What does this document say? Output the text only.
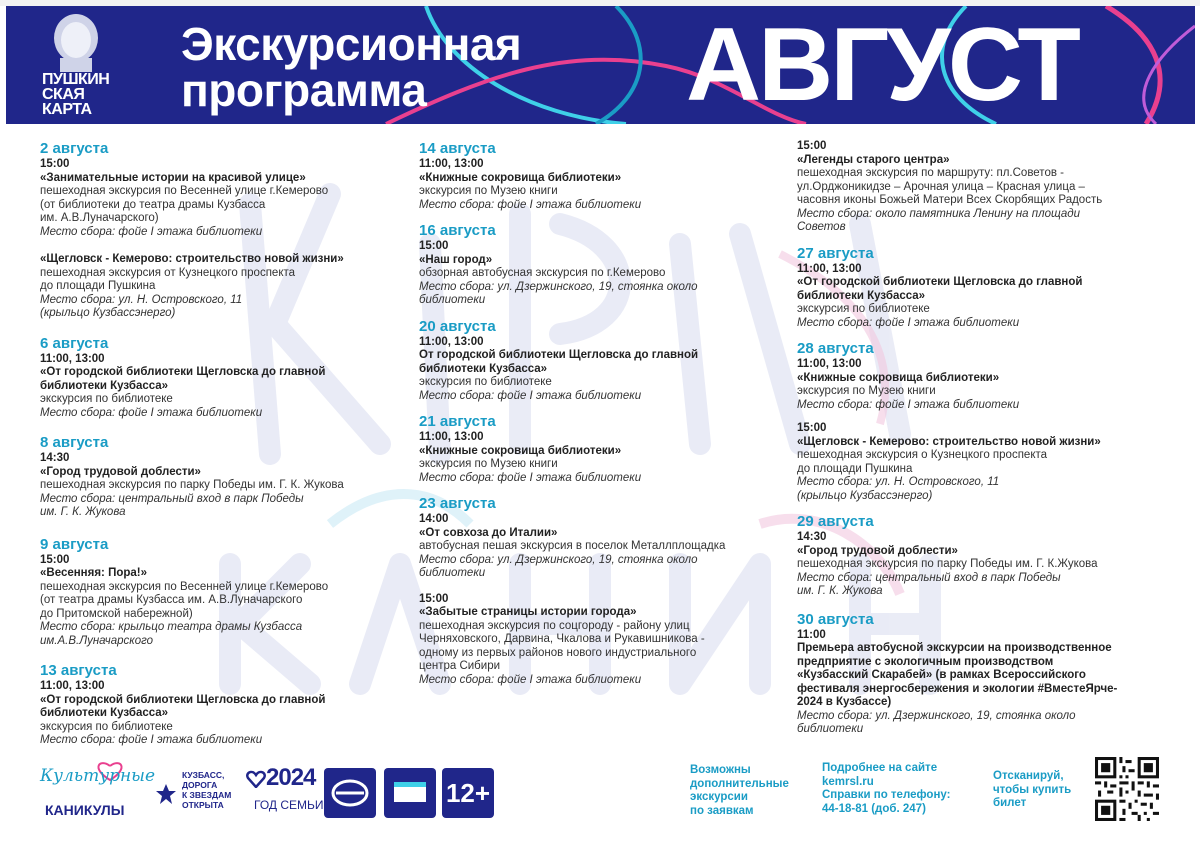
ПУШКИН
СКАЯ
КАРТА
Экскурсионная
программа АВГУСТ
2 августа
15:00
«Занимательные истории на красивой улице»
пешеходная экскурсия по Весенней улице г.Кемерово
(от библиотеки до театра драмы Кузбасса
им. А.В.Луначарского)
Место сбора: фойе I этажа библиотеки
«Щегловск - Кемерово: строительство новой жизни»
пешеходная экскурсия от Кузнецкого проспекта
до площади Пушкина
Место сбора: ул. Н. Островского, 11
(крыльцо Кузбассэнерго)
6 августа
11:00, 13:00
«От городской библиотеки Щегловска до главной
библиотеки Кузбасса»
экскурсия по библиотеке
Место сбора: фойе I этажа библиотеки
8 августа
14:30
«Город трудовой доблести»
пешеходная экскурсия по парку Победы им. Г. К. Жукова
Место сбора: центральный вход в парк Победы
им. Г. К. Жукова
9 августа
15:00
«Весенняя: Пора!»
пешеходная экскурсия по Весенней улице г.Кемерово
(от театра драмы Кузбасса им. А.В.Луначарского
до Притомской набережной)
Место сбора: крыльцо театра драмы Кузбасса
им.А.В.Луначарского
13 августа
11:00, 13:00
«От городской библиотеки Щегловска до главной
библиотеки Кузбасса»
экскурсия по библиотеке
Место сбора: фойе I этажа библиотеки
14 августа
11:00, 13:00
«Книжные сокровища библиотеки»
экскурсия по Музею книги
Место сбора: фойе I этажа библиотеки
16 августа
15:00
«Наш город»
обзорная автобусная экскурсия по г.Кемерово
Место сбора: ул. Дзержинского, 19, стоянка около
библиотеки
20 августа
11:00, 13:00
От городской библиотеки Щегловска до главной
библиотеки Кузбасса»
экскурсия по библиотеке
Место сбора: фойе I этажа библиотеки
21 августа
11:00, 13:00
«Книжные сокровища библиотеки»
экскурсия по Музею книги
Место сбора: фойе I этажа библиотеки
23 августа
14:00
«От совхоза до Италии»
автобусная пешая экскурсия в поселок Металлплощадка
Место сбора: ул. Дзержинского, 19, стоянка около
библиотеки
15:00
«Забытые страницы истории города»
пешеходная экскурсия по соцгороду - району улиц
Черняховского, Дарвина, Чкалова и Рукавишникова -
одному из первых районов нового индустриального
центра Сибири
Место сбора: фойе I этажа библиотеки
15:00
«Легенды старого центра»
пешеходная экскурсия по маршруту: пл.Советов -
ул.Орджоникидзе – Арочная улица – Красная улица –
часовня иконы Божьей Матери Всех Скорбящих Радость
Место сбора: около памятника Ленину на площади
Советов
27 августа
11:00, 13:00
«От городской библиотеки Щегловска до главной
библиотеки Кузбасса»
экскурсия по библиотеке
Место сбора: фойе I этажа библиотеки
28 августа
11:00, 13:00
«Книжные сокровища библиотеки»
экскурсия по Музею книги
Место сбора: фойе I этажа библиотеки
15:00
«Щегловск - Кемерово: строительство новой жизни»
пешеходная экскурсия о Кузнецкого проспекта
до площади Пушкина
Место сбора: ул. Н. Островского, 11
(крыльцо Кузбассэнерго)
29 августа
14:30
«Город трудовой доблести»
пешеходная экскурсия по парку Победы им. Г. К.Жукова
Место сбора: центральный вход в парк Победы
им. Г. К. Жукова
30 августа
11:00
Премьера автобусной экскурсии на производственное
предприятие с экологичным производством
«Кузбасский Скарабей» (в рамках Всероссийского
фестиваля энергосбережения и экологии #ВместеЯрче-
2024 в Кузбассе)
Место сбора: ул. Дзержинского, 19, стоянка около
библиотеки
Культурные
КАНИКУЛЫ
КУЗБАСС,
ДОРОГА
К ЗВЕЗДАМ
ОТКРЫТА
2024
ГОД СЕМЬИ	12+
Возможны
дополнительные
экскурсии
по заявкам
Подробнее на сайте
kemrsl.ru
Справки по телефону:
44-18-81 (доб. 247)
Отсканируй,
чтобы купить
билет
